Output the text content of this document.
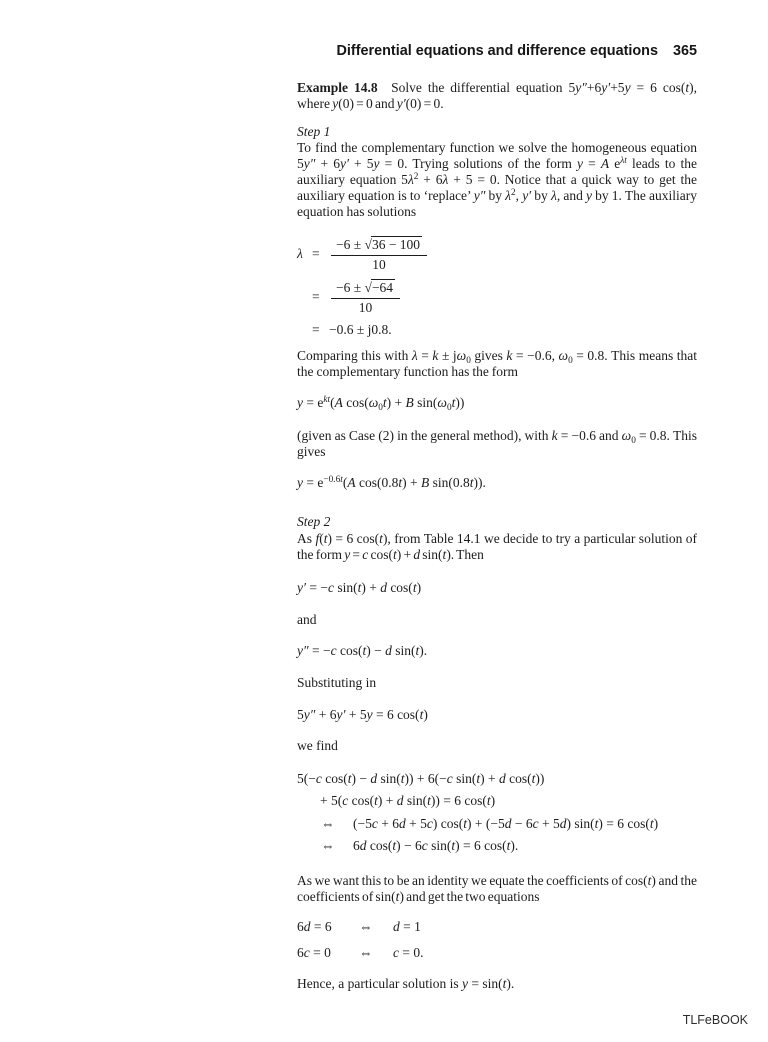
Differential equations and difference equations 365
Example 14.8 Solve the differential equation 5y″+6y′+5y = 6 cos(t), where y(0) = 0 and y′(0) = 0.
Step 1
To find the complementary function we solve the homogeneous equation 5y″ + 6y′ + 5y = 0. Trying solutions of the form y = A $e^{\lambda t}$ leads to the auxiliary equation $5\lambda^2 + 6\lambda + 5 = 0$. Notice that a quick way to get the auxiliary equation is to ‘replace’ y″ by $\lambda^2$, y′ by λ, and y by 1. The auxiliary equation has solutions
$\lambda = \frac{-6 \pm √36 - 100}{10}$
= $\frac{-6 \pm √-64}{10}$
= −0.6 ± j0.8.
Comparing this with $\lambda = k \pm j\omega_0$ gives k = −0.6, $\omega_0 = 0.8$. This means that the complementary function has the form
$y = e^{kt}(A$ $\cos(\omega_0t) + B$ $\sin(\omega_0t)$)
(given as Case (2) in the general method), with k = −0.6 and $\omega_0 = 0.8$. This gives
$y = e^{-0.6t}(A$ cos(0.8t) + B sin(0.8t)).
Step 2
As f(t) = 6 cos(t), from Table 14.1 we decide to try a particular solution of the form y = c cos(t) + d sin(t). Then
y′ = −c sin(t) + d cos(t)
and
y″ = −c cos(t) − d sin(t).
Substituting in
5y″ + 6y′ + 5y = 6 cos(t)
we find
5(−c cos(t) − d sin(t)) + 6(−c sin(t) + d cos(t))
+ 5(c cos(t) + d sin(t)) = 6 cos(t)
⇔	(−5c + 6d + 5c) cos(t) + (−5d − 6c + 5d) sin(t) = 6 cos(t)
⇔	6d cos(t) − 6c sin(t) = 6 cos(t).
As we want this to be an identity we equate the coefficients of cos(t) and the coefficients of sin(t) and get the two equations
6d = 6	⇔	d = 1
6c = 0	⇔	c = 0.
Hence, a particular solution is y = sin(t).
TLFeBOOK
